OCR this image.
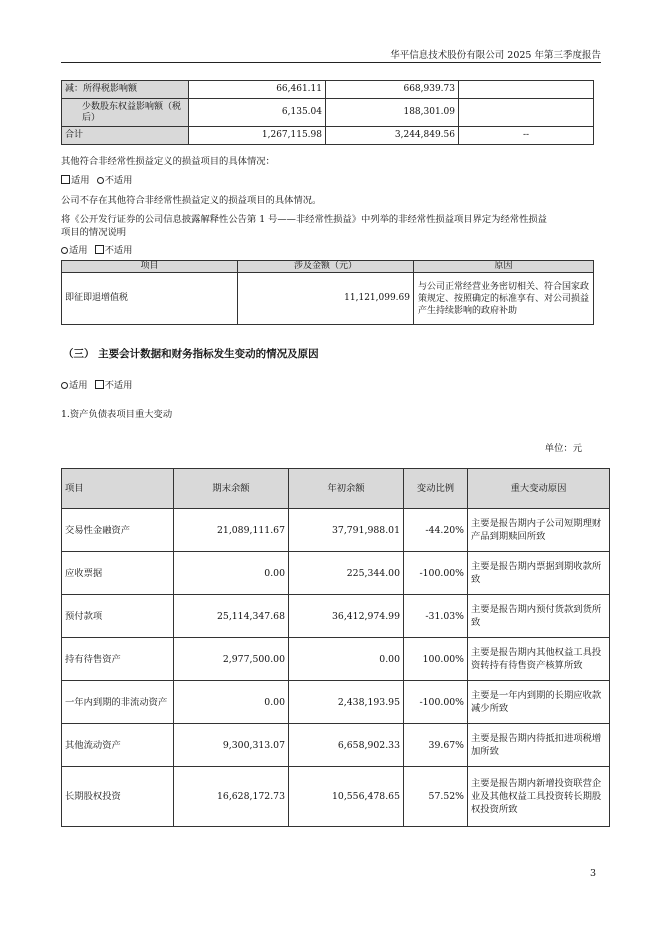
华平信息技术股份有限公司 2025 年第三季度报告
减：所得税影响额	66,461.11	668,939.73	
少数股东权益影响额（税后）	6,135.04	188,301.09	
合计	1,267,115.98	3,244,849.56	--
其他符合非经常性损益定义的损益项目的具体情况：
适用 不适用
公司不存在其他符合非经常性损益定义的损益项目的具体情况。
将《公开发行证券的公司信息披露解释性公告第 1 号——非经常性损益》中列举的非经常性损益项目界定为经常性损益
项目的情况说明
适用 不适用
项目	涉及金额（元）	原因
即征即退增值税	11,121,099.69	与公司正常经营业务密切相关、符合国家政策规定、按照确定的标准享有、对公司损益产生持续影响的政府补助
（三） 主要会计数据和财务指标发生变动的情况及原因
适用 不适用
1.资产负债表项目重大变动
单位：元
项目	期末余额	年初余额	变动比例	重大变动原因
交易性金融资产	21,089,111.67	37,791,988.01	-44.20%	主要是报告期内子公司短期理财产品到期赎回所致
应收票据	0.00	225,344.00	-100.00%	主要是报告期内票据到期收款所致
预付款项	25,114,347.68	36,412,974.99	-31.03%	主要是报告期内预付货款到货所致
持有待售资产	2,977,500.00	0.00	100.00%	主要是报告期内其他权益工具投资转持有待售资产核算所致
一年内到期的非流动资产	0.00	2,438,193.95	-100.00%	主要是一年内到期的长期应收款减少所致
其他流动资产	9,300,313.07	6,658,902.33	39.67%	主要是报告期内待抵扣进项税增加所致
长期股权投资	16,628,172.73	10,556,478.65	57.52%	主要是报告期内新增投资联营企业及其他权益工具投资转长期股权投资所致
3
